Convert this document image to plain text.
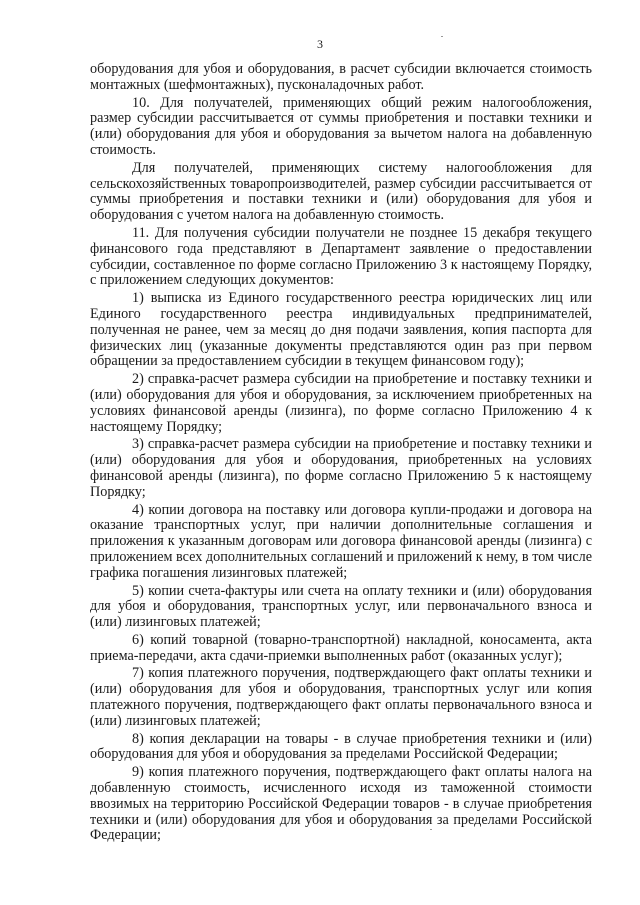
3

оборудования для убоя и оборудования, в расчет субсидии включается стоимость монтажных (шефмонтажных), пусконаладочных работ.

10. Для получателей, применяющих общий режим налогообложения, размер субсидии рассчитывается от суммы приобретения и поставки техники и (или) оборудования для убоя и оборудования за вычетом налога на добавленную стоимость.

Для получателей, применяющих систему налогообложения для сельскохозяйственных товаропроизводителей, размер субсидии рассчитывается от суммы приобретения и поставки техники и (или) оборудования для убоя и оборудования с учетом налога на добавленную стоимость.

11. Для получения субсидии получатели не позднее 15 декабря текущего финансового года представляют в Департамент заявление о предоставлении субсидии, составленное по форме согласно Приложению 3 к настоящему Порядку, с приложением следующих документов:

1) выписка из Единого государственного реестра юридических лиц или Единого государственного реестра индивидуальных предпринимателей, полученная не ранее, чем за месяц до дня подачи заявления, копия паспорта для физических лиц (указанные документы представляются один раз при первом обращении за предоставлением субсидии в текущем финансовом году);

2) справка-расчет размера субсидии на приобретение и поставку техники и (или) оборудования для убоя и оборудования, за исключением приобретенных на условиях финансовой аренды (лизинга), по форме согласно Приложению 4 к настоящему Порядку;

3) справка-расчет размера субсидии на приобретение и поставку техники и (или) оборудования для убоя и оборудования, приобретенных на условиях финансовой аренды (лизинга), по форме согласно Приложению 5 к настоящему Порядку;

4) копии договора на поставку или договора купли-продажи и договора на оказание транспортных услуг, при наличии дополнительные соглашения и приложения к указанным договорам или договора финансовой аренды (лизинга) с приложением всех дополнительных соглашений и приложений к нему, в том числе графика погашения лизинговых платежей;

5) копии счета-фактуры или счета на оплату техники и (или) оборудования для убоя и оборудования, транспортных услуг, или первоначального взноса и (или) лизинговых платежей;

6) копий товарной (товарно-транспортной) накладной, коносамента, акта приема-передачи, акта сдачи-приемки выполненных работ (оказанных услуг);

7) копия платежного поручения, подтверждающего факт оплаты техники и (или) оборудования для убоя и оборудования, транспортных услуг или копия платежного поручения, подтверждающего факт оплаты первоначального взноса и (или) лизинговых платежей;

8) копия декларации на товары - в случае приобретения техники и (или) оборудования для убоя и оборудования за пределами Российской Федерации;

9) копия платежного поручения, подтверждающего факт оплаты налога на добавленную стоимость, исчисленного исходя из таможенной стоимости ввозимых на территорию Российской Федерации товаров - в случае приобретения техники и (или) оборудования для убоя и оборудования за пределами Российской Федерации;
